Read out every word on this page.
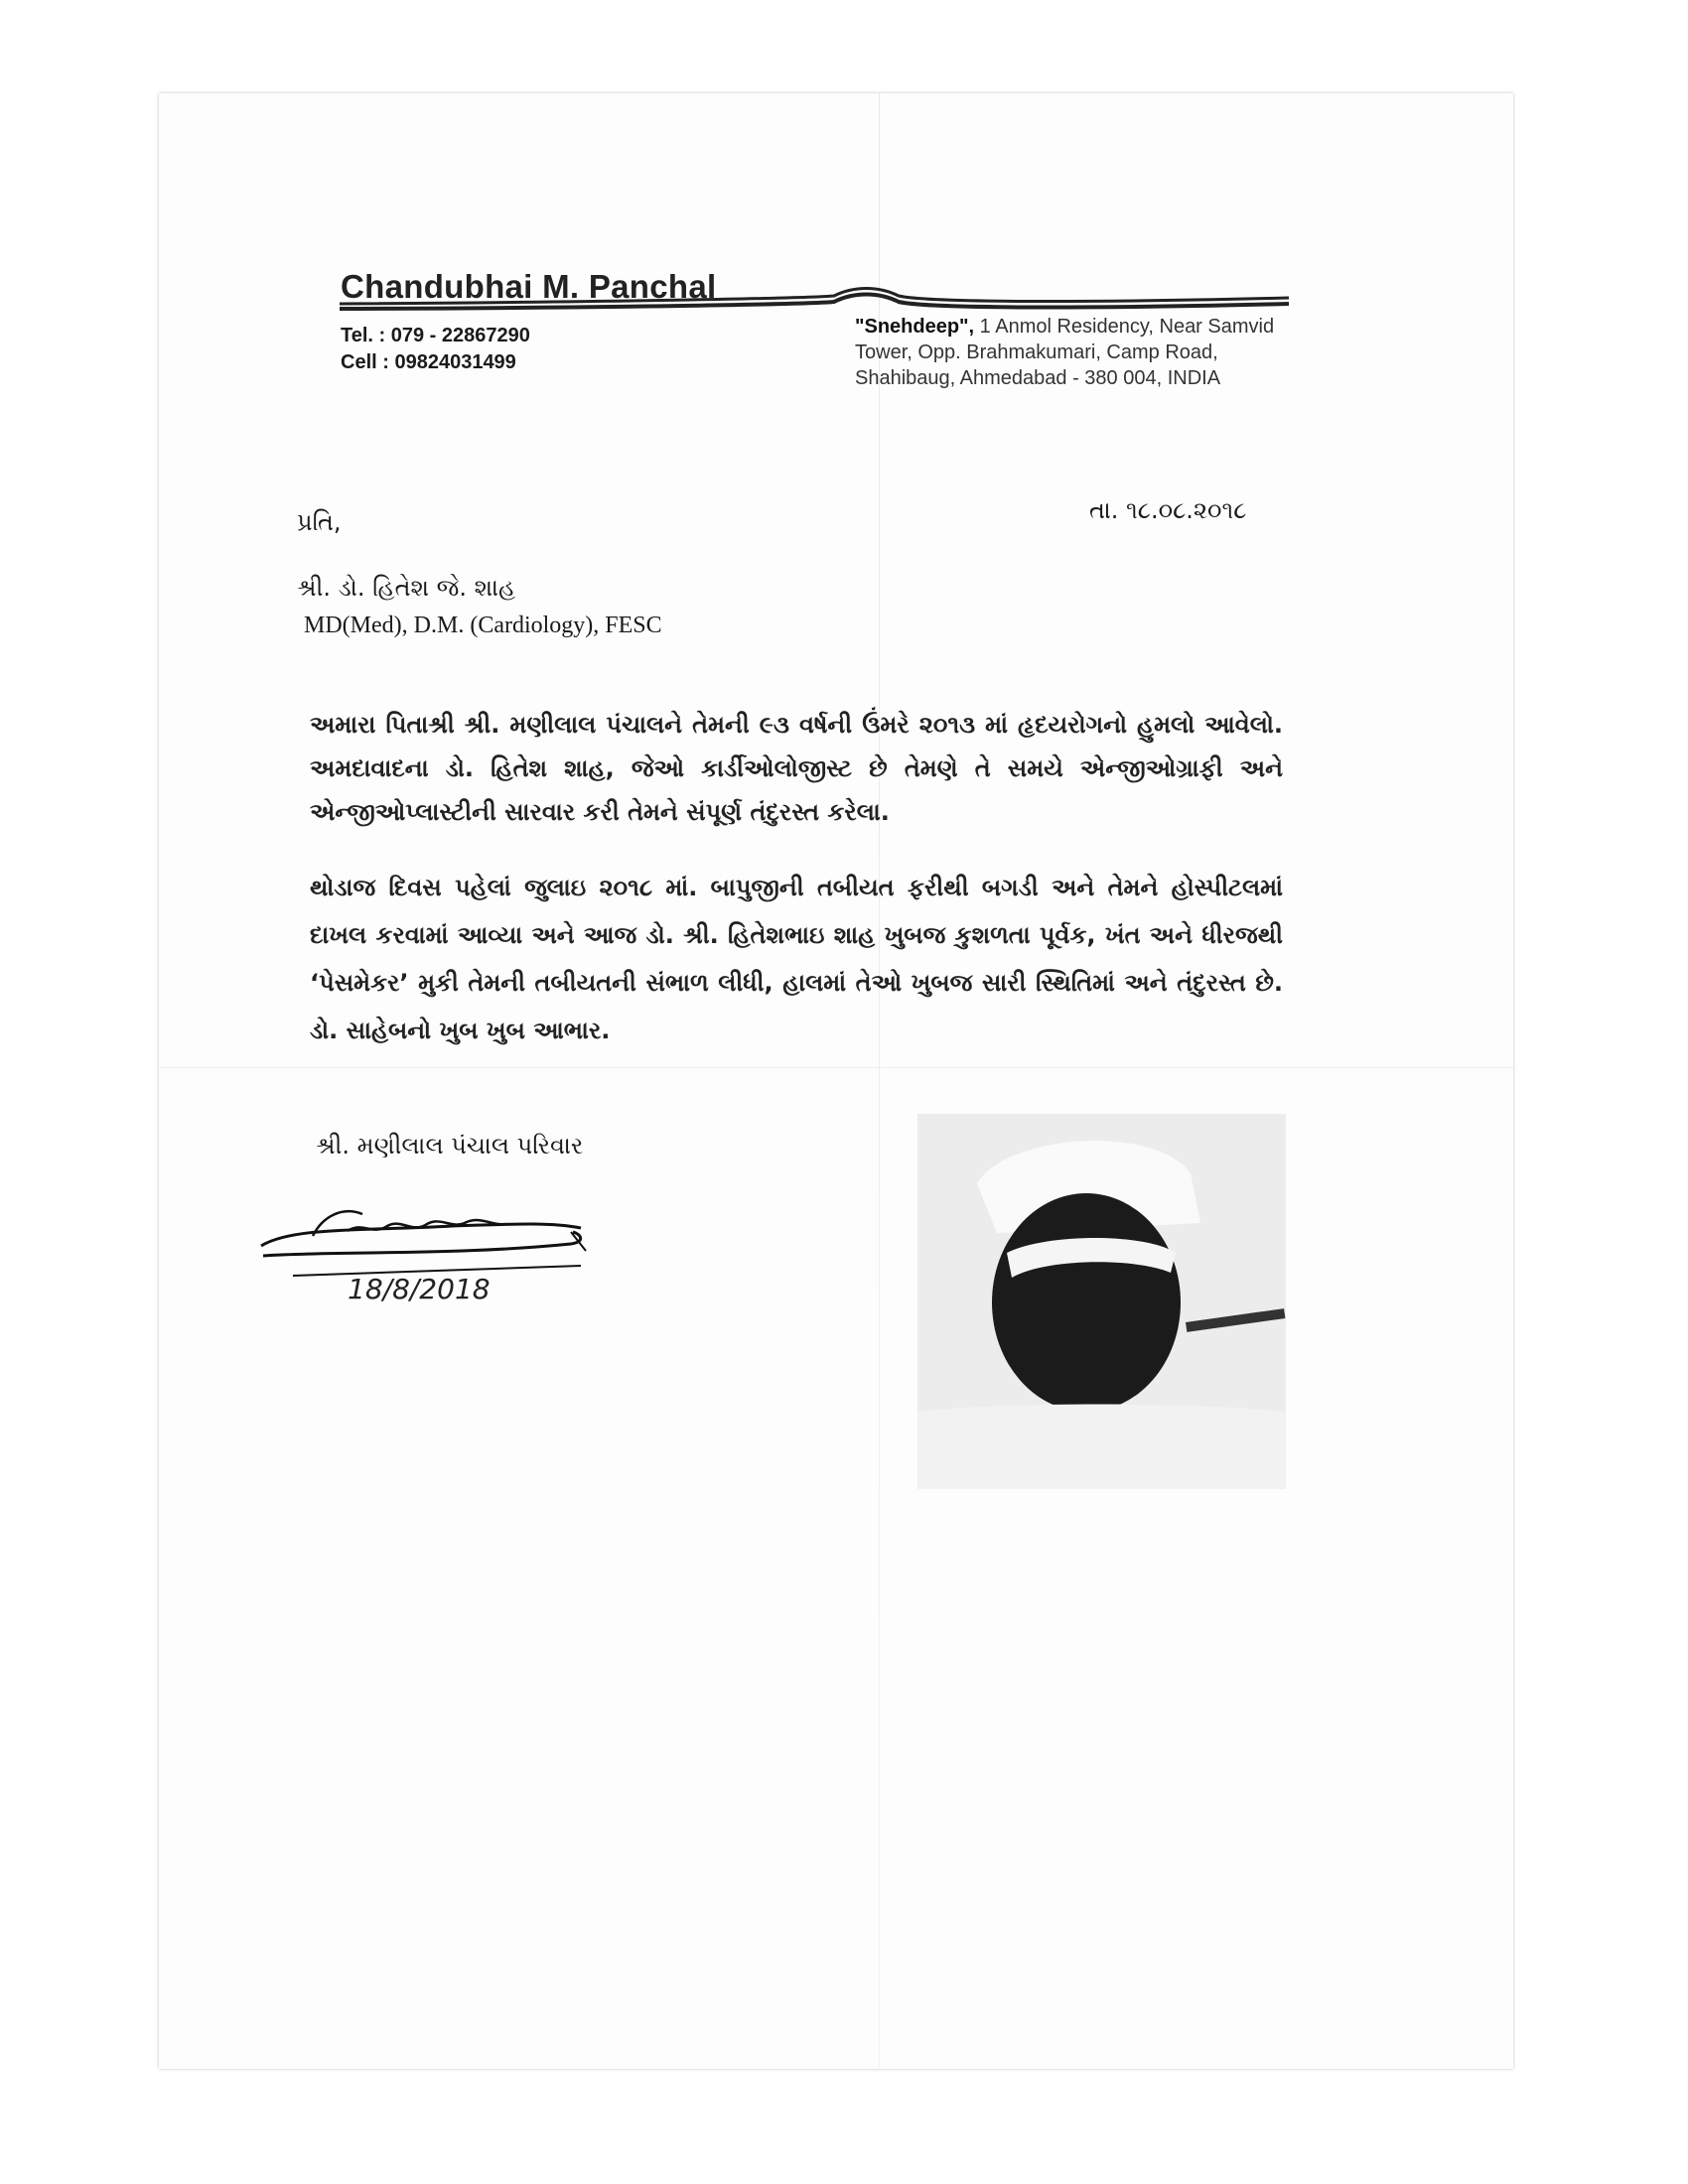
Chandubhai M. Panchal
Tel. : 079 - 22867290
Cell : 09824031499
"Snehdeep", 1 Anmol Residency, Near Samvid
Tower, Opp. Brahmakumari, Camp Road,
Shahibaug, Ahmedabad - 380 004, INDIA
પ્રતિ,	તા. ૧૮.૦૮.૨૦૧૮
શ્રી. ડો. હિતેશ જે. શાહ
MD(Med), D.M. (Cardiology), FESC
અમારા પિતાશ્રી શ્રી. મણીલાલ પંચાલને તેમની ૯૩ વર્ષની ઉંમરે ૨૦૧૩ માં હૃદયરોગનો હુમલો આવેલો. અમદાવાદના ડો. હિતેશ શાહ, જેઓ કાર્ડીઓલોજીસ્ટ છે તેમણે તે સમયે એન્જીઓગ્રાફી અને એન્જીઓપ્લાસ્ટીની સારવાર કરી તેમને સંપૂર્ણ તંદુરસ્ત કરેલા.
થોડાજ દિવસ પહેલાં જુલાઇ ૨૦૧૮ માં. બાપુજીની તબીયત ફરીથી બગડી અને તેમને હોસ્પીટલમાં દાખલ કરવામાં આવ્યા અને આજ ડો. શ્રી. હિતેશભાઇ શાહ ખુબજ કુશળતા પૂર્વક, ખંત અને ધીરજથી ‘પેસમેકર’ મુકી તેમની તબીયતની સંભાળ લીધી, હાલમાં તેઓ ખુબજ સારી સ્થિતિમાં અને તંદુરસ્ત છે. ડો. સાહેબનો ખુબ ખુબ આભાર.
શ્રી. મણીલાલ પંચાલ પરિવાર
18/8/2018
